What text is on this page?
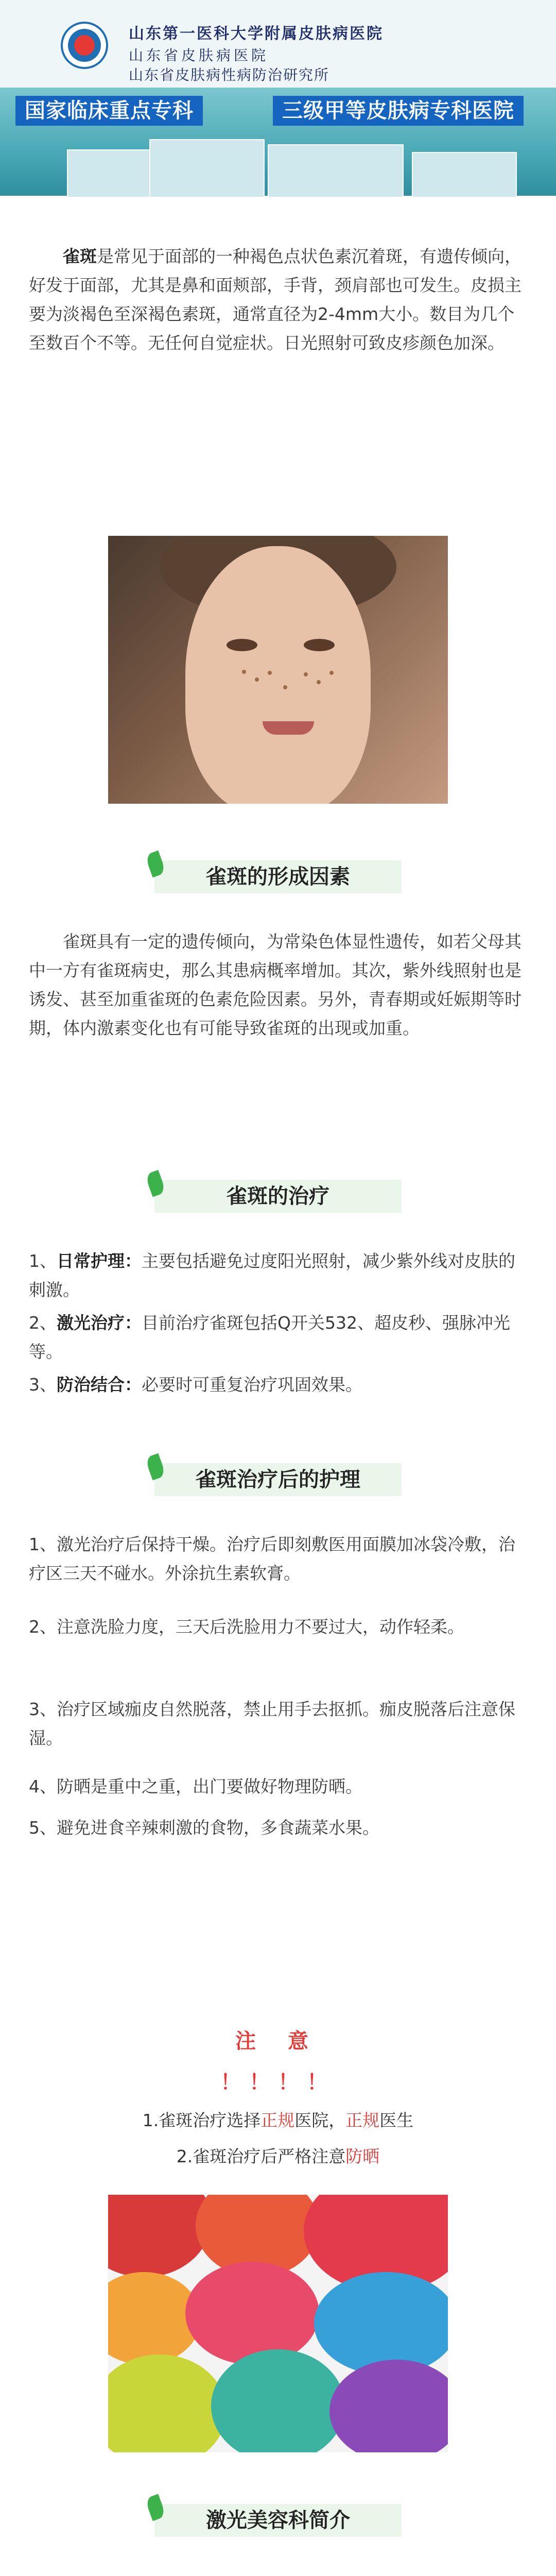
山东第一医科大学附属皮肤病医院
山东省皮肤病医院
山东省皮肤病性病防治研究所
国家临床重点专科	三级甲等皮肤病专科医院

雀斑是常见于面部的一种褐色点状色素沉着斑，有遗传倾向，好发于面部，尤其是鼻和面颊部，手背，颈肩部也可发生。皮损主要为淡褐色至深褐色素斑，通常直径为2-4mm大小。数目为几个至数百个不等。无任何自觉症状。日光照射可致皮疹颜色加深。

雀斑的形成因素

雀斑具有一定的遗传倾向，为常染色体显性遗传，如若父母其中一方有雀斑病史，那么其患病概率增加。其次，紫外线照射也是诱发、甚至加重雀斑的色素危险因素。另外，青春期或妊娠期等时期，体内激素变化也有可能导致雀斑的出现或加重。

雀斑的治疗

1、日常护理：主要包括避免过度阳光照射，减少紫外线对皮肤的刺激。

2、激光治疗：目前治疗雀斑包括Q开关532、超皮秒、强脉冲光等。

3、防治结合：必要时可重复治疗巩固效果。

雀斑治疗后的护理

1、激光治疗后保持干燥。治疗后即刻敷医用面膜加冰袋冷敷，治疗区三天不碰水。外涂抗生素软膏。

2、注意洗脸力度，三天后洗脸用力不要过大，动作轻柔。

3、治疗区域痂皮自然脱落，禁止用手去抠抓。痂皮脱落后注意保湿。

4、防晒是重中之重，出门要做好物理防晒。

5、避免进食辛辣刺激的食物，多食蔬菜水果。

注 意
！！！！
1.雀斑治疗选择正规医院，正规医生
2.雀斑治疗后严格注意防晒
激光美容科简介
